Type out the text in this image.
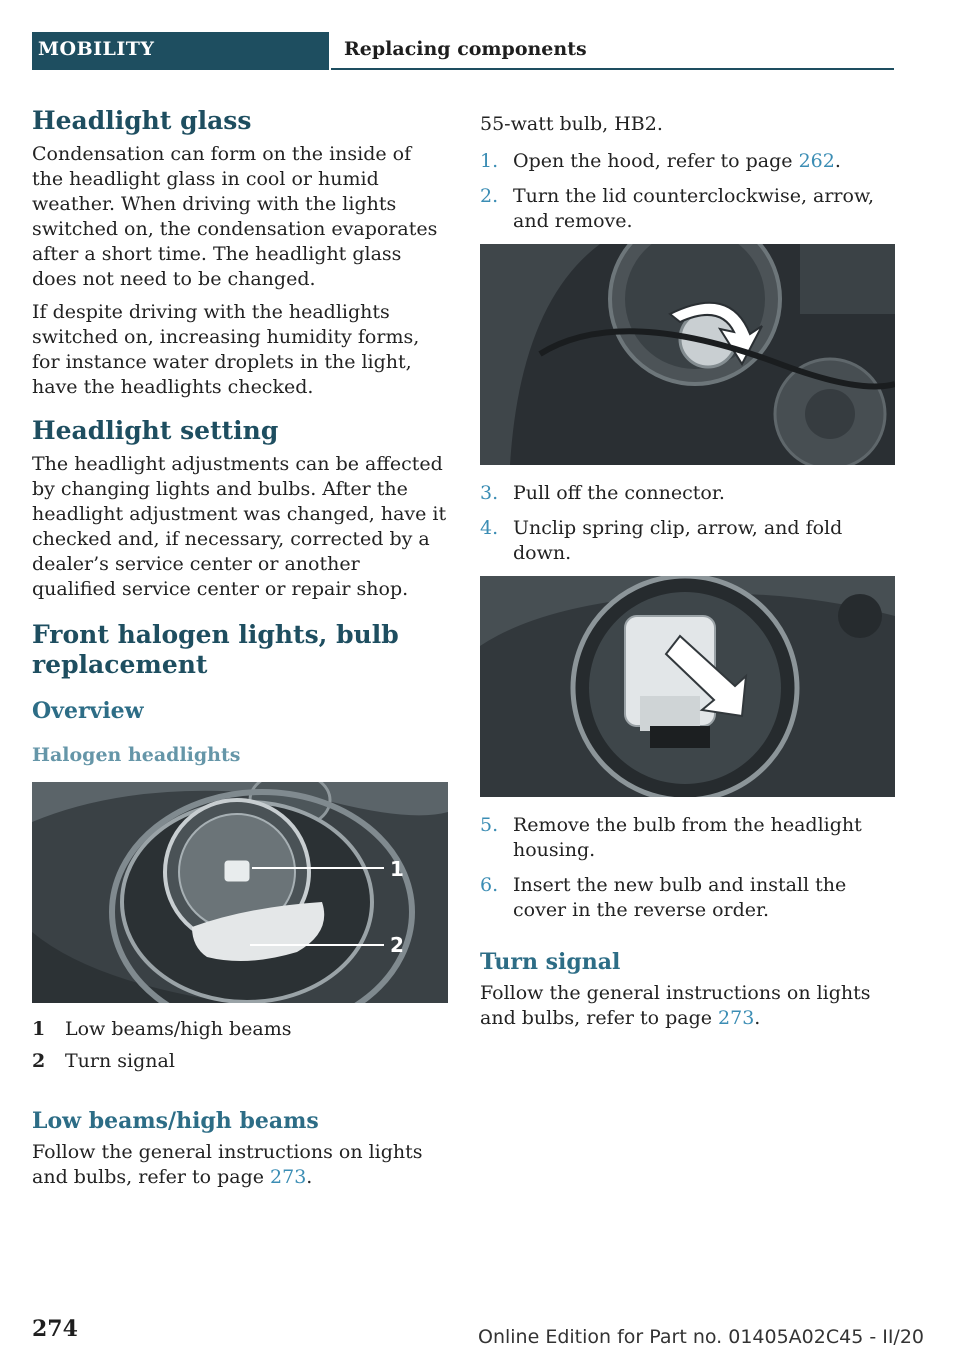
MOBILITY	Replacing components
Headlight glass

Condensation can form on the inside of the headlight glass in cool or humid weather. When driving with the lights switched on, the condensation evaporates after a short time. The headlight glass does not need to be changed.

If despite driving with the headlights switched on, increasing humidity forms, for instance water droplets in the light, have the headlights checked.

Headlight setting

The headlight adjustments can be affected by changing lights and bulbs. After the headlight adjustment was changed, have it checked and, if necessary, corrected by a dealer’s service center or another qualified service center or repair shop.

Front halogen lights, bulb replacement
Overview
Halogen headlights
1
2
1 Low beams/high beams
2 Turn signal
Low beams/high beams

Follow the general instructions on lights and bulbs, refer to page 273.

55-watt bulb, HB2.

1. Open the hood, refer to page 262.
2. Turn the lid counterclockwise, arrow, and remove.
3. Pull off the connector.
4. Unclip spring clip, arrow, and fold down.
5. Remove the bulb from the headlight housing.
6. Insert the new bulb and install the cover in the reverse order.
Turn signal

Follow the general instructions on lights and bulbs, refer to page 273.

274	Online Edition for Part no. 01405A02C45 - II/20
